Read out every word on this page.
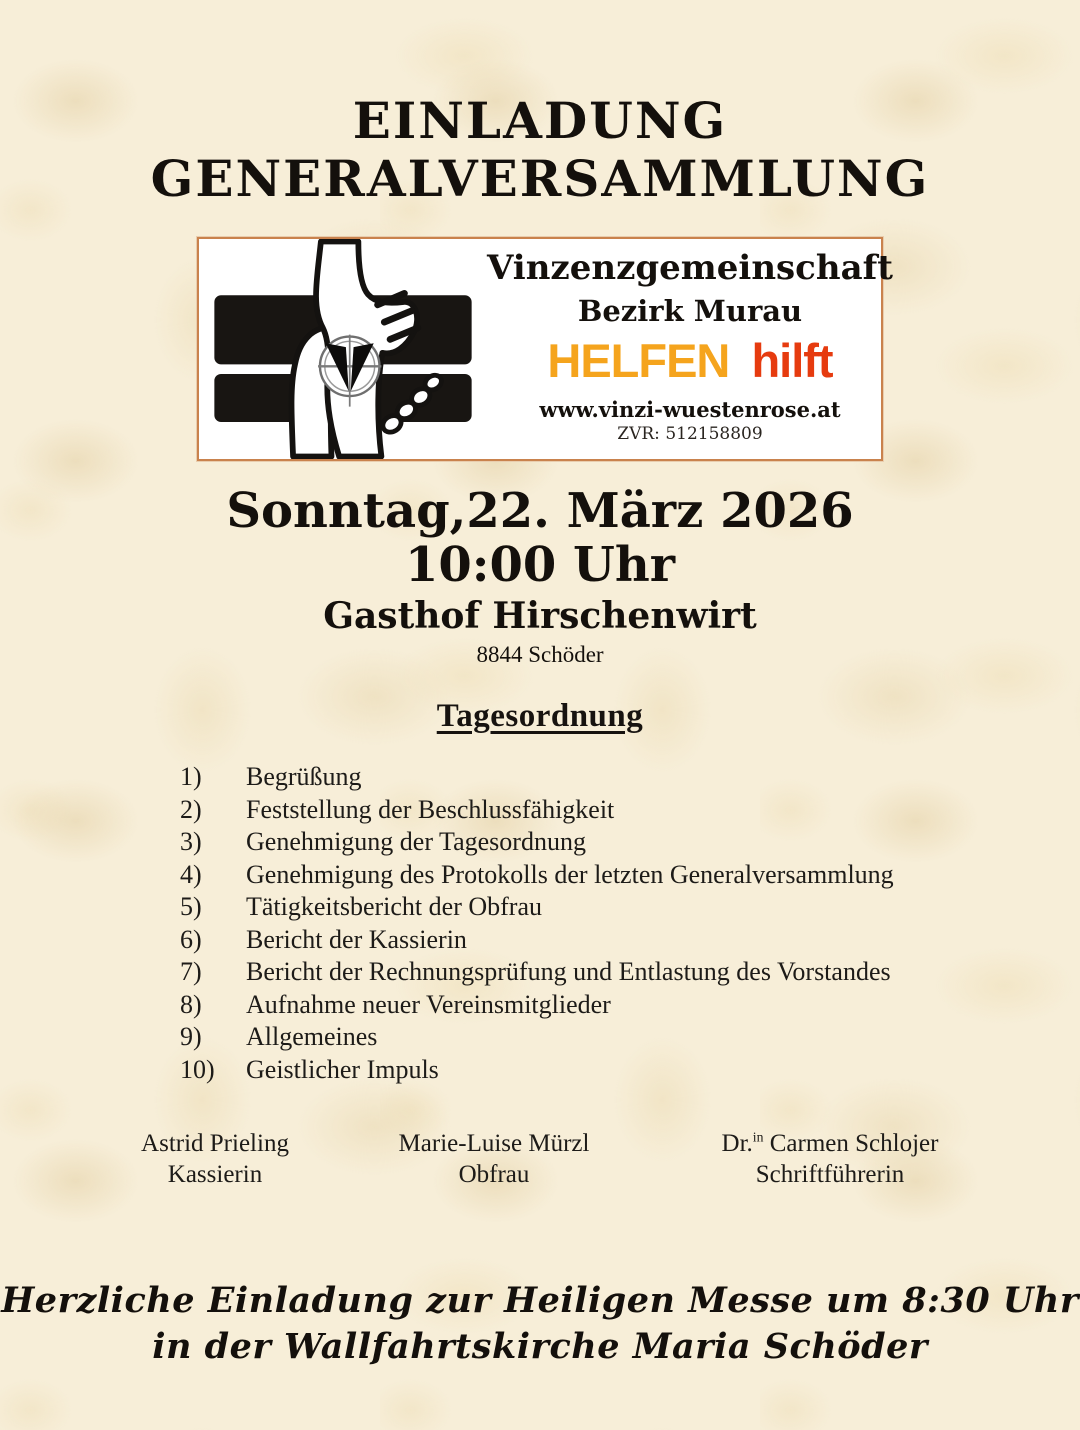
EINLADUNG
GENERALVERSAMMLUNG
Vinzenzgemeinschaft
Bezirk Murau
HELFEN hilft
www.vinzi-wuestenrose.at
ZVR: 512158809
Sonntag,22. März 2026
10:00 Uhr
Gasthof Hirschenwirt
8844 Schöder
Tagesordnung
1)	Begrüßung
2)	Feststellung der Beschlussfähigkeit
3)	Genehmigung der Tagesordnung
4)	Genehmigung des Protokolls der letzten Generalversammlung
5)	Tätigkeitsbericht der Obfrau
6)	Bericht der Kassierin
7)	Bericht der Rechnungsprüfung und Entlastung des Vorstandes
8)	Aufnahme neuer Vereinsmitglieder
9)	Allgemeines
10)	Geistlicher Impuls
Astrid Prieling
Kassierin
Marie-Luise Mürzl
Obfrau
Dr.$^{in}$ Carmen Schlojer
Schriftführerin
Herzliche Einladung zur Heiligen Messe um 8:30 Uhr
in der Wallfahrtskirche Maria Schöder
